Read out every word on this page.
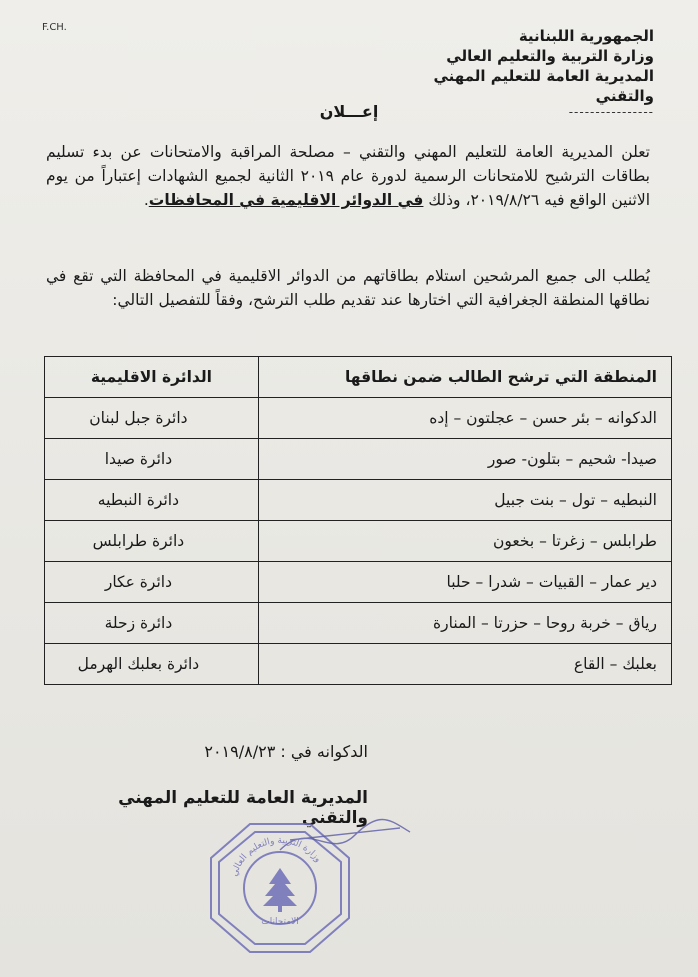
F.CH.	الجمهورية اللبنانية
وزارة التربية والتعليم العالي
المديرية العامة للتعليم المهني والتقني
----------------
إعـــلان
تعلن المديرية العامة للتعليم المهني والتقني – مصلحة المراقبة والامتحانات عن بدء تسليم بطاقات الترشيح للامتحانات الرسمية لدورة عام ٢٠١٩ الثانية لجميع الشهادات إعتباراً من يوم الاثنين الواقع فيه ٢٠١٩/٨/٢٦، وذلك في الدوائر الاقليمية في المحافظات.
يُطلب الى جميع المرشحين استلام بطاقاتهم من الدوائر الاقليمية في المحافظة التي تقع في نطاقها المنطقة الجغرافية التي اختارها عند تقديم طلب الترشح، وفقاً للتفصيل التالي:
المنطقة التي ترشح الطالب ضمن نطاقها	الدائرة الاقليمية
الدكوانه – بئر حسن – عجلتون – إده	دائرة جبل لبنان
صيدا- شحيم – بتلون- صور	دائرة صيدا
النبطيه – تول – بنت جبيل	دائرة النبطيه
طرابلس – زغرتا – بخعون	دائرة طرابلس
دير عمار – القبيات – شدرا – حلبا	دائرة عكار
رياق – خربة روحا – حزرتا – المنارة	دائرة زحلة
بعلبك – القاع	دائرة بعلبك الهرمل
الدكوانه في : ٢٠١٩/٨/٢٣
المديرية العامة للتعليم المهني والتقني
وزارة التربية والتعليم العالي
الامتحانات
